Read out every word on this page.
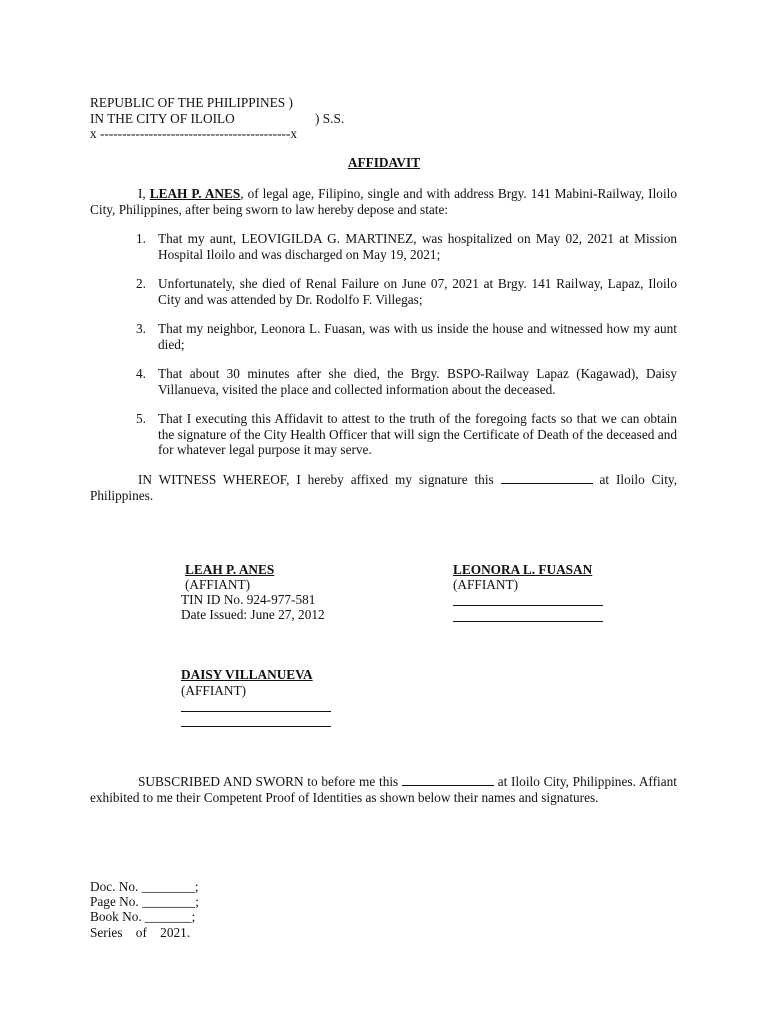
REPUBLIC OF THE PHILIPPINES )
IN THE CITY OF ILOILO	) S.S.
x -------------------------------------------x
AFFIDAVIT
I, LEAH P. ANES, of legal age, Filipino, single and with address Brgy. 141 Mabini-Railway, Iloilo City, Philippines, after being sworn to law hereby depose and state:
1. That my aunt, LEOVIGILDA G. MARTINEZ, was hospitalized on May 02, 2021 at Mission Hospital Iloilo and was discharged on May 19, 2021;
2. Unfortunately, she died of Renal Failure on June 07, 2021 at Brgy. 141 Railway, Lapaz, Iloilo City and was attended by Dr. Rodolfo F. Villegas;
3. That my neighbor, Leonora L. Fuasan, was with us inside the house and witnessed how my aunt died;
4. That about 30 minutes after she died, the Brgy. BSPO-Railway Lapaz (Kagawad), Daisy Villanueva, visited the place and collected information about the deceased.
5. That I executing this Affidavit to attest to the truth of the foregoing facts so that we can obtain the signature of the City Health Officer that will sign the Certificate of Death of the deceased and for whatever legal purpose it may serve.
IN WITNESS WHEREOF, I hereby affixed my signature this	at Iloilo City, Philippines.
LEAH P. ANES
(AFFIANT)
TIN ID No. 924-977-581
Date Issued: June 27, 2012
LEONORA L. FUASAN
(AFFIANT)
DAISY VILLANUEVA
(AFFIANT)
SUBSCRIBED AND SWORN to before me this	at Iloilo City, Philippines. Affiant exhibited to me their Competent Proof of Identities as shown below their names and signatures.
Doc. No. ________;
Page No. ________;
Book No. _______;
Series    of    2021.
